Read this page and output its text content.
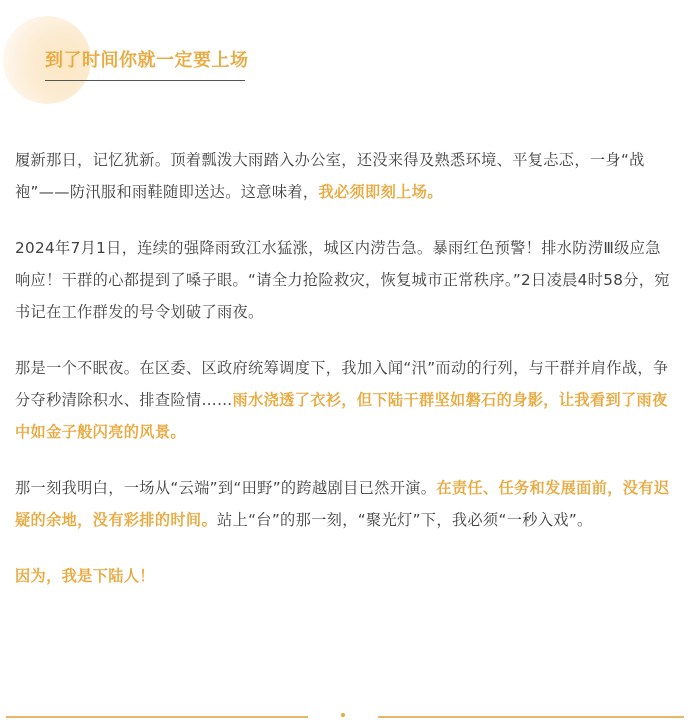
到了时间你就一定要上场

履新那日，记忆犹新。顶着瓢泼大雨踏入办公室，还没来得及熟悉环境、平复忐忑，一身“战袍”——防汛服和雨鞋随即送达。这意味着，我必须即刻上场。

2024年7月1日，连续的强降雨致江水猛涨，城区内涝告急。暴雨红色预警！排水防涝Ⅲ级应急响应！干群的心都提到了嗓子眼。“请全力抢险救灾，恢复城市正常秩序。”2日凌晨4时58分，宛书记在工作群发的号令划破了雨夜。

那是一个不眠夜。在区委、区政府统筹调度下，我加入闻“汛”而动的行列，与干群并肩作战，争分夺秒清除积水、排查险情……雨水浇透了衣衫，但下陆干群坚如磐石的身影，让我看到了雨夜中如金子般闪亮的风景。

那一刻我明白，一场从“云端”到“田野”的跨越剧目已然开演。在责任、任务和发展面前，没有迟疑的余地，没有彩排的时间。站上“台”的那一刻，“聚光灯”下，我必须“一秒入戏”。

因为，我是下陆人！
